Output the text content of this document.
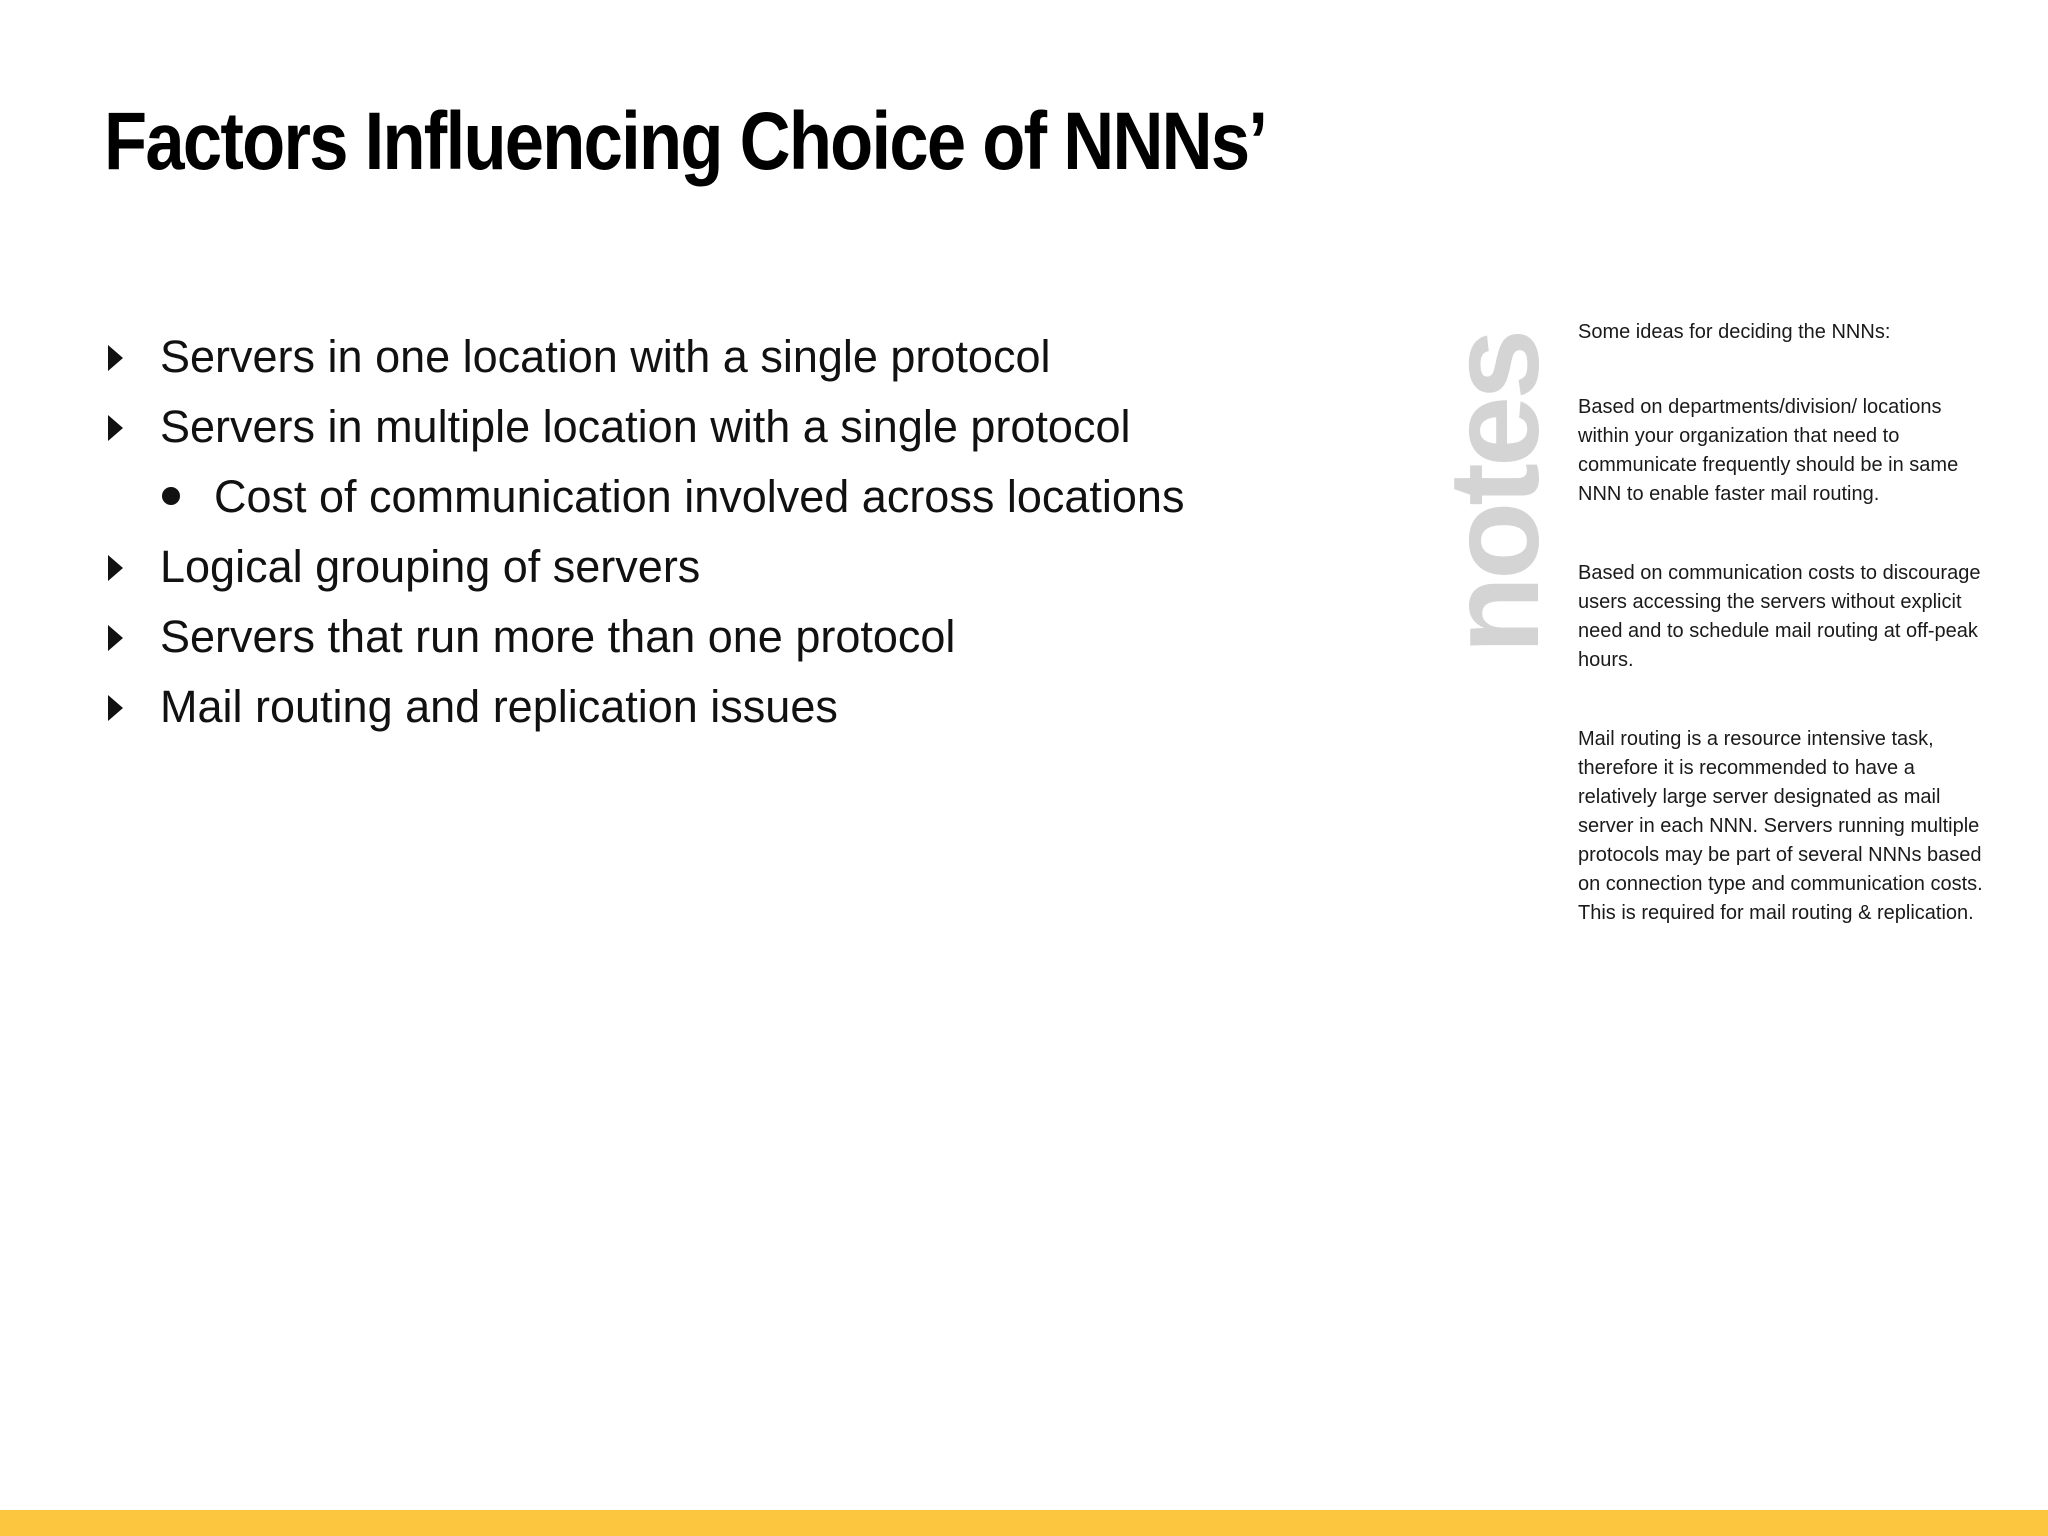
Factors Influencing Choice of NNNs’
Servers in one location with a single protocol
Servers in multiple location with a single protocol
Cost of communication involved across locations
Logical grouping of servers
Servers that run more than one protocol
Mail routing and replication issues
notes

Some ideas for deciding the NNNs:

Based on departments/division/ locations within your organization that need to communicate frequently should be in same NNN to enable faster mail routing.

Based on communication costs to discourage users accessing the servers without explicit need and to schedule mail routing at off-peak hours.

Mail routing is a resource intensive task, therefore it is recommended to have a relatively large server designated as mail server in each NNN. Servers running multiple protocols may be part of several NNNs based on connection type and communication costs. This is required for mail routing & replication.
